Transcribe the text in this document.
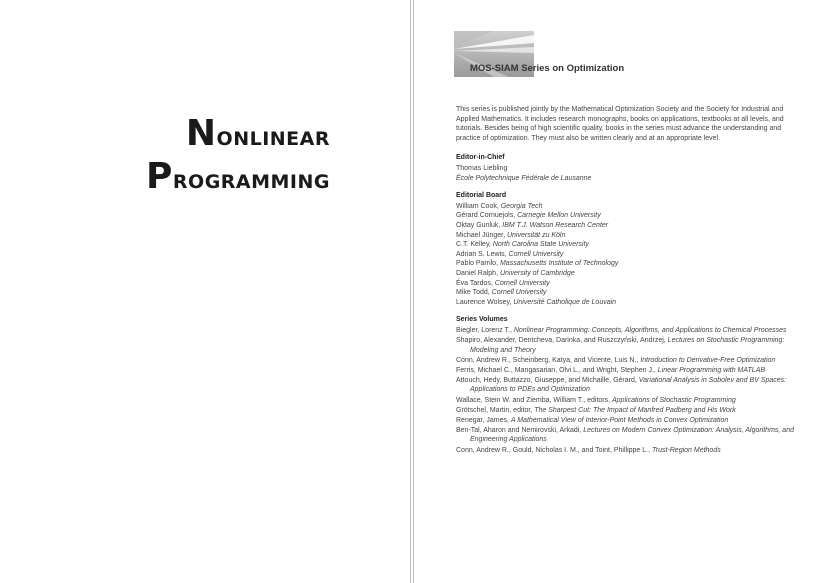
Nonlinear
Programming
MOS-SIAM Series on Optimization

This series is published jointly by the Mathematical Optimization Society and the Society for Industrial and Applied Mathematics. It includes research monographs, books on applications, textbooks at all levels, and tutorials. Besides being of high scientific quality, books in the series must advance the understanding and practice of optimization. They must also be written clearly and at an appropriate level.

Editor-in-Chief
Thomas Liebling
École Polytechnique Fédérale de Lausanne
Editorial Board
William Cook, Georgia Tech
Gérard Cornuejols, Carnegie Mellon University
Oktay Gunluk, IBM T.J. Watson Research Center
Michael Jünger, Universität zu Köln
C.T. Kelley, North Carolina State University
Adrian S. Lewis, Cornell University
Pablo Parrilo, Massachusetts Institute of Technology
Daniel Ralph, University of Cambridge
Éva Tardos, Cornell University
Mike Todd, Cornell University
Laurence Wolsey, Université Catholique de Louvain
Series Volumes
Biegler, Lorenz T., Nonlinear Programming: Concepts, Algorithms, and Applications to Chemical Processes
Shapiro, Alexander, Dentcheva, Darinka, and Ruszczyński, Andrzej, Lectures on Stochastic Programming: Modeling and Theory
Conn, Andrew R., Scheinberg, Katya, and Vicente, Luis N., Introduction to Derivative-Free Optimization
Ferris, Michael C., Mangasarian, Olvi L., and Wright, Stephen J., Linear Programming with MATLAB
Attouch, Hedy, Buttazzo, Giuseppe, and Michaille, Gérard, Variational Analysis in Sobolev and BV Spaces: Applications to PDEs and Optimization
Wallace, Stein W. and Ziemba, William T., editors, Applications of Stochastic Programming
Grötschel, Martin, editor, The Sharpest Cut: The Impact of Manfred Padberg and His Work
Renegar, James, A Mathematical View of Interior-Point Methods in Convex Optimization
Ben-Tal, Aharon and Nemirovski, Arkadi, Lectures on Modern Convex Optimization: Analysis, Algorithms, and Engineering Applications
Conn, Andrew R., Gould, Nicholas I. M., and Toint, Phillippe L., Trust-Region Methods
